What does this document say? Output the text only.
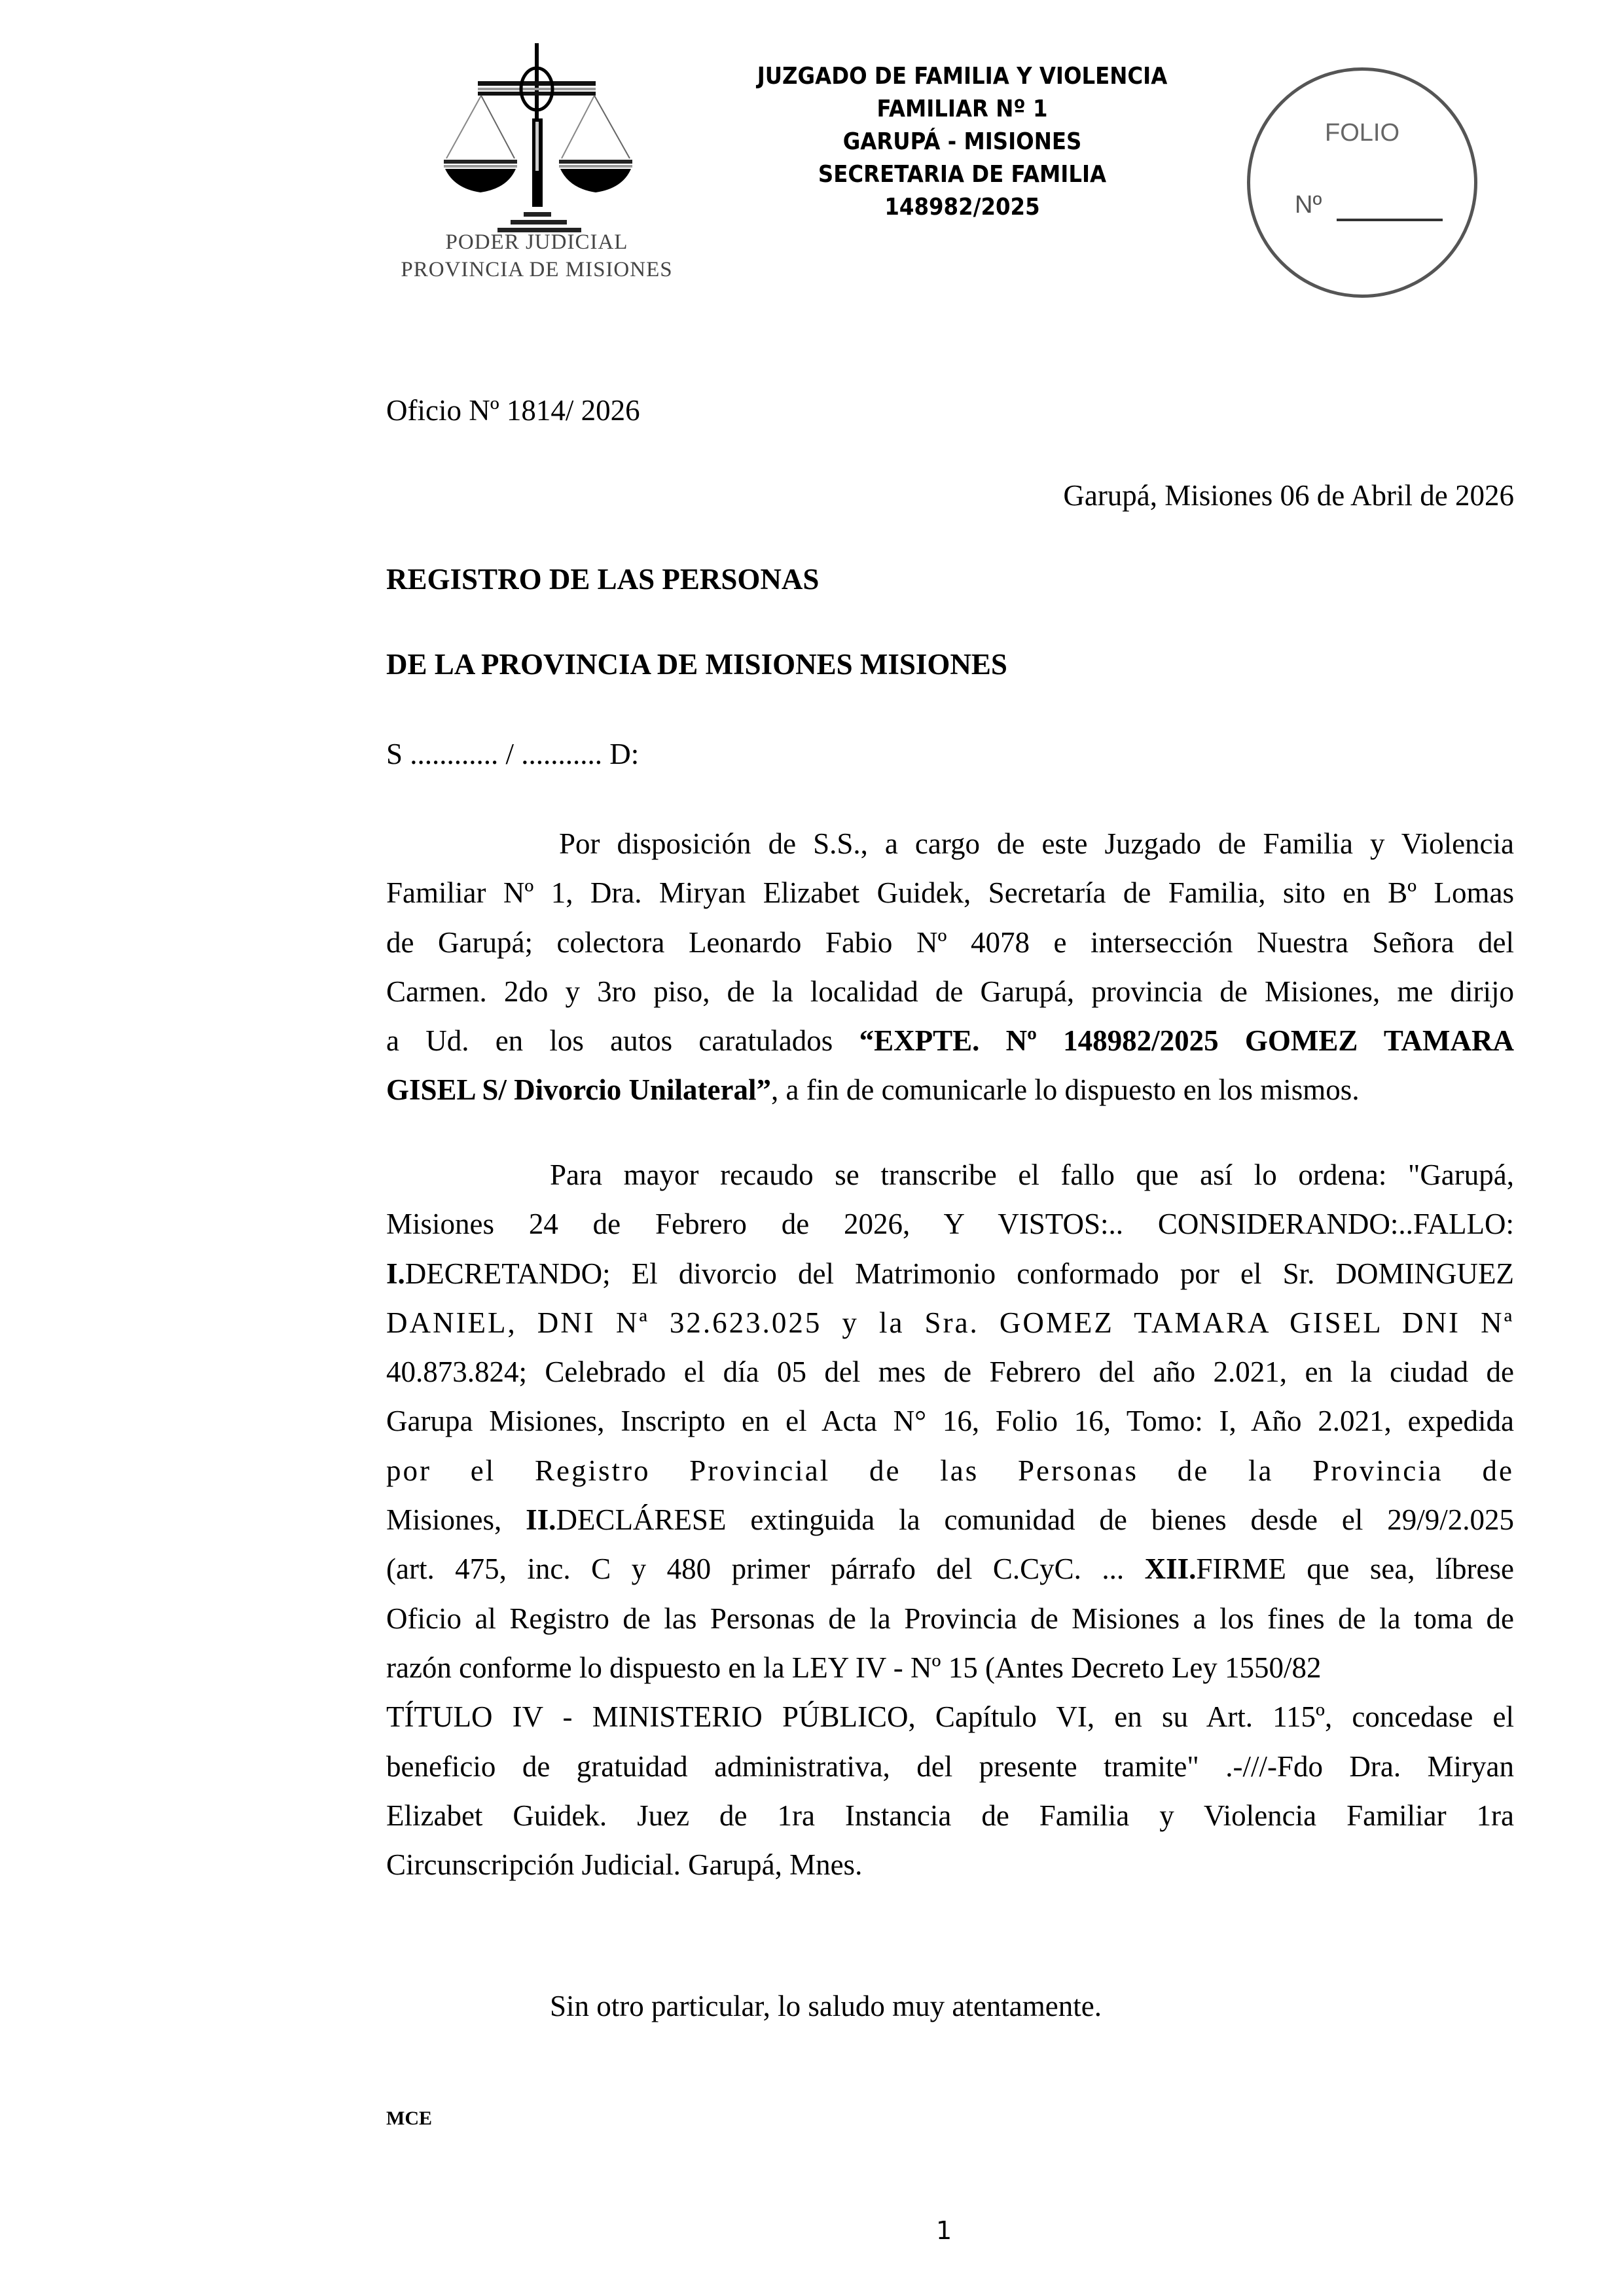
PODER JUDICIAL
PROVINCIA DE MISIONES
JUZGADO DE FAMILIA Y VIOLENCIA
FAMILIAR Nº 1
GARUPÁ - MISIONES
SECRETARIA DE FAMILIA
148982/2025
FOLIO
Nº
Oficio Nº 1814/ 2026
Garupá, Misiones 06 de Abril de 2026
REGISTRO DE LAS PERSONAS
DE LA PROVINCIA DE MISIONES MISIONES
S ............ / ........... D:
Por disposición de S.S., a cargo de este Juzgado de Familia y Violencia
Familiar Nº 1, Dra. Miryan Elizabet Guidek, Secretaría de Familia, sito en Bº Lomas
de Garupá; colectora Leonardo Fabio Nº 4078 e intersección Nuestra Señora del
Carmen. 2do y 3ro piso, de la localidad de Garupá, provincia de Misiones, me dirijo
a Ud. en los autos caratulados “EXPTE. Nº 148982/2025 GOMEZ TAMARA
GISEL S/ Divorcio Unilateral”, a fin de comunicarle lo dispuesto en los mismos.
Para mayor recaudo se transcribe el fallo que así lo ordena: "Garupá,
Misiones 24 de Febrero de 2026, Y VISTOS:.. CONSIDERANDO:..FALLO:
I.DECRETANDO; El divorcio del Matrimonio conformado por el Sr. DOMINGUEZ
DANIEL, DNI Nª 32.623.025 y la Sra. GOMEZ TAMARA GISEL DNI Nª
40.873.824; Celebrado el día 05 del mes de Febrero del año 2.021, en la ciudad de
Garupa Misiones, Inscripto en el Acta N° 16, Folio 16, Tomo: I, Año 2.021, expedida
por el Registro Provincial de las Personas de la Provincia de
Misiones, II.DECLÁRESE extinguida la comunidad de bienes desde el 29/9/2.025
(art. 475, inc. C y 480 primer párrafo del C.CyC. ... XII.FIRME que sea, líbrese
Oficio al Registro de las Personas de la Provincia de Misiones a los fines de la toma de
razón conforme lo dispuesto en la LEY IV - Nº 15 (Antes Decreto Ley 1550/82
TÍTULO IV - MINISTERIO PÚBLICO, Capítulo VI, en su Art. 115º, concedase el
beneficio de gratuidad administrativa, del presente tramite" .-///-Fdo Dra. Miryan
Elizabet Guidek. Juez de 1ra Instancia de Familia y Violencia Familiar 1ra
Circunscripción Judicial. Garupá, Mnes.
Sin otro particular, lo saludo muy atentamente.
MCE
1
